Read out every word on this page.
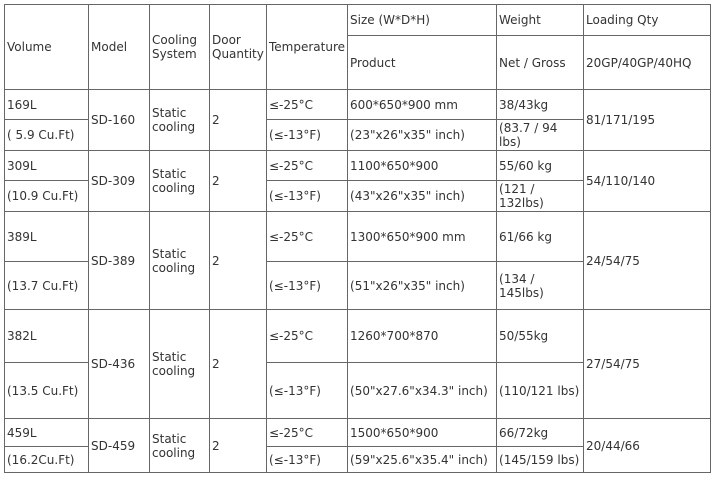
Volume	Model	Cooling System	Door Quantity	Temperature	Size (W*D*H)	Weight	Loading Qty
					Product	Net / Gross	20GP/40GP/40HQ
169L	SD-160	Static cooling	2	≤-25°C	600*650*900 mm	38/43kg	81/171/195
( 5.9 Cu.Ft)				(≤-13°F)	(23"x26"x35" inch)	(83.7 / 94 lbs)	
309L	SD-309	Static cooling	2	≤-25°C	1100*650*900	55/60 kg	54/110/140
(10.9 Cu.Ft)				(≤-13°F)	(43"x26"x35" inch)	(121 / 132lbs)	
389L	SD-389	Static cooling	2	≤-25°C	1300*650*900 mm	61/66 kg	24/54/75
(13.7 Cu.Ft)				(≤-13°F)	(51"x26"x35" inch)	(134 / 145lbs)	
382L	SD-436	Static cooling	2	≤-25°C	1260*700*870	50/55kg	27/54/75
(13.5 Cu.Ft)				(≤-13°F)	(50"x27.6"x34.3" inch)	(110/121 lbs)	
459L	SD-459	Static cooling	2	≤-25°C	1500*650*900	66/72kg	20/44/66
(16.2Cu.Ft)				(≤-13°F)	(59"x25.6"x35.4" inch)	(145/159 lbs)	
